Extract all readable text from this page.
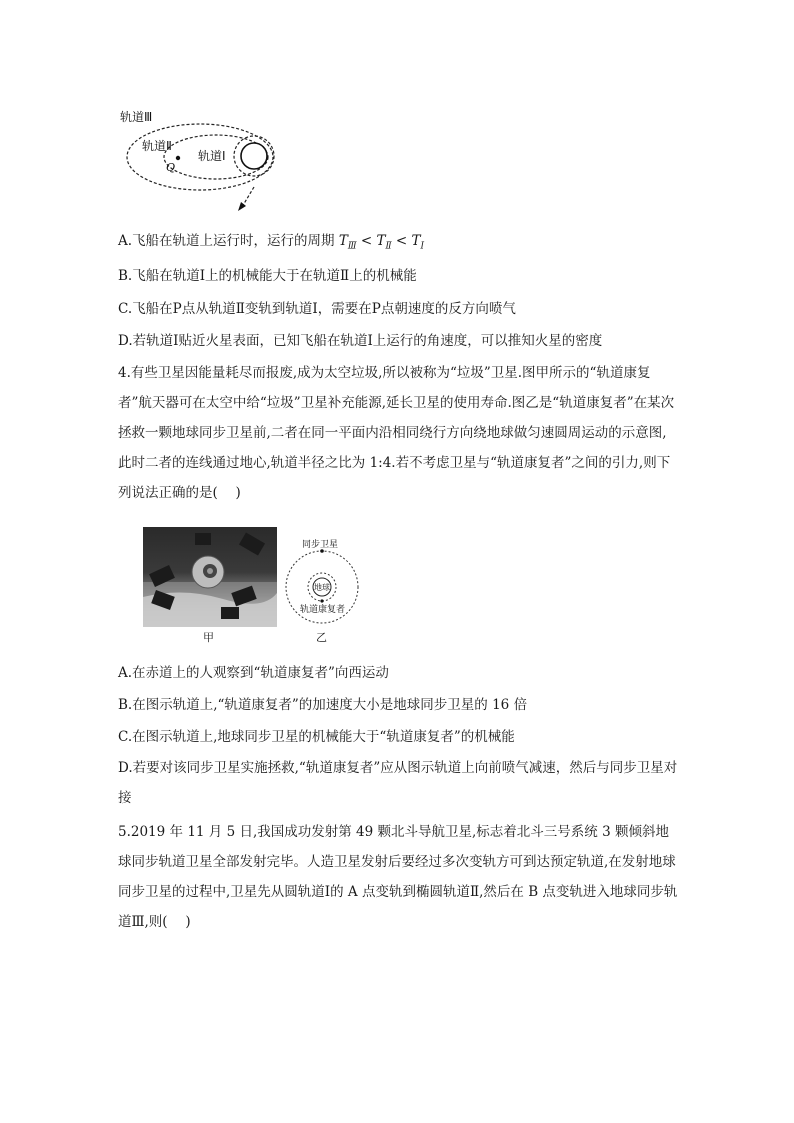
轨道Ⅲ
轨道Ⅱ
轨道Ⅰ
Q
A.飞船在轨道上运行时，运行的周期 $T_Ⅲ < T_Ⅱ < T_Ⅰ$
B.飞船在轨道Ⅰ上的机械能大于在轨道Ⅱ上的机械能
C.飞船在P点从轨道Ⅱ变轨到轨道Ⅰ，需要在P点朝速度的反方向喷气
D.若轨道Ⅰ贴近火星表面，已知飞船在轨道Ⅰ上运行的角速度，可以推知火星的密度
4.有些卫星因能量耗尽而报废,成为太空垃圾,所以被称为“垃圾”卫星.图甲所示的“轨道康复者”航天器可在太空中给“垃圾”卫星补充能源,延长卫星的使用寿命.图乙是“轨道康复者”在某次拯救一颗地球同步卫星前,二者在同一平面内沿相同绕行方向绕地球做匀速圆周运动的示意图,此时二者的连线通过地心,轨道半径之比为 1:4.若不考虑卫星与“轨道康复者”之间的引力,则下列说法正确的是(　 )
甲
同步卫星
地球
轨道康复者
乙
A.在赤道上的人观察到“轨道康复者”向西运动
B.在图示轨道上,“轨道康复者”的加速度大小是地球同步卫星的 16 倍
C.在图示轨道上,地球同步卫星的机械能大于“轨道康复者”的机械能
D.若要对该同步卫星实施拯救,“轨道康复者”应从图示轨道上向前喷气减速，然后与同步卫星对接
5.2019 年 11 月 5 日,我国成功发射第 49 颗北斗导航卫星,标志着北斗三号系统 3 颗倾斜地球同步轨道卫星全部发射完毕。人造卫星发射后要经过多次变轨方可到达预定轨道,在发射地球同步卫星的过程中,卫星先从圆轨道Ⅰ的 A 点变轨到椭圆轨道Ⅱ,然后在 B 点变轨进入地球同步轨道Ⅲ,则(　 )
